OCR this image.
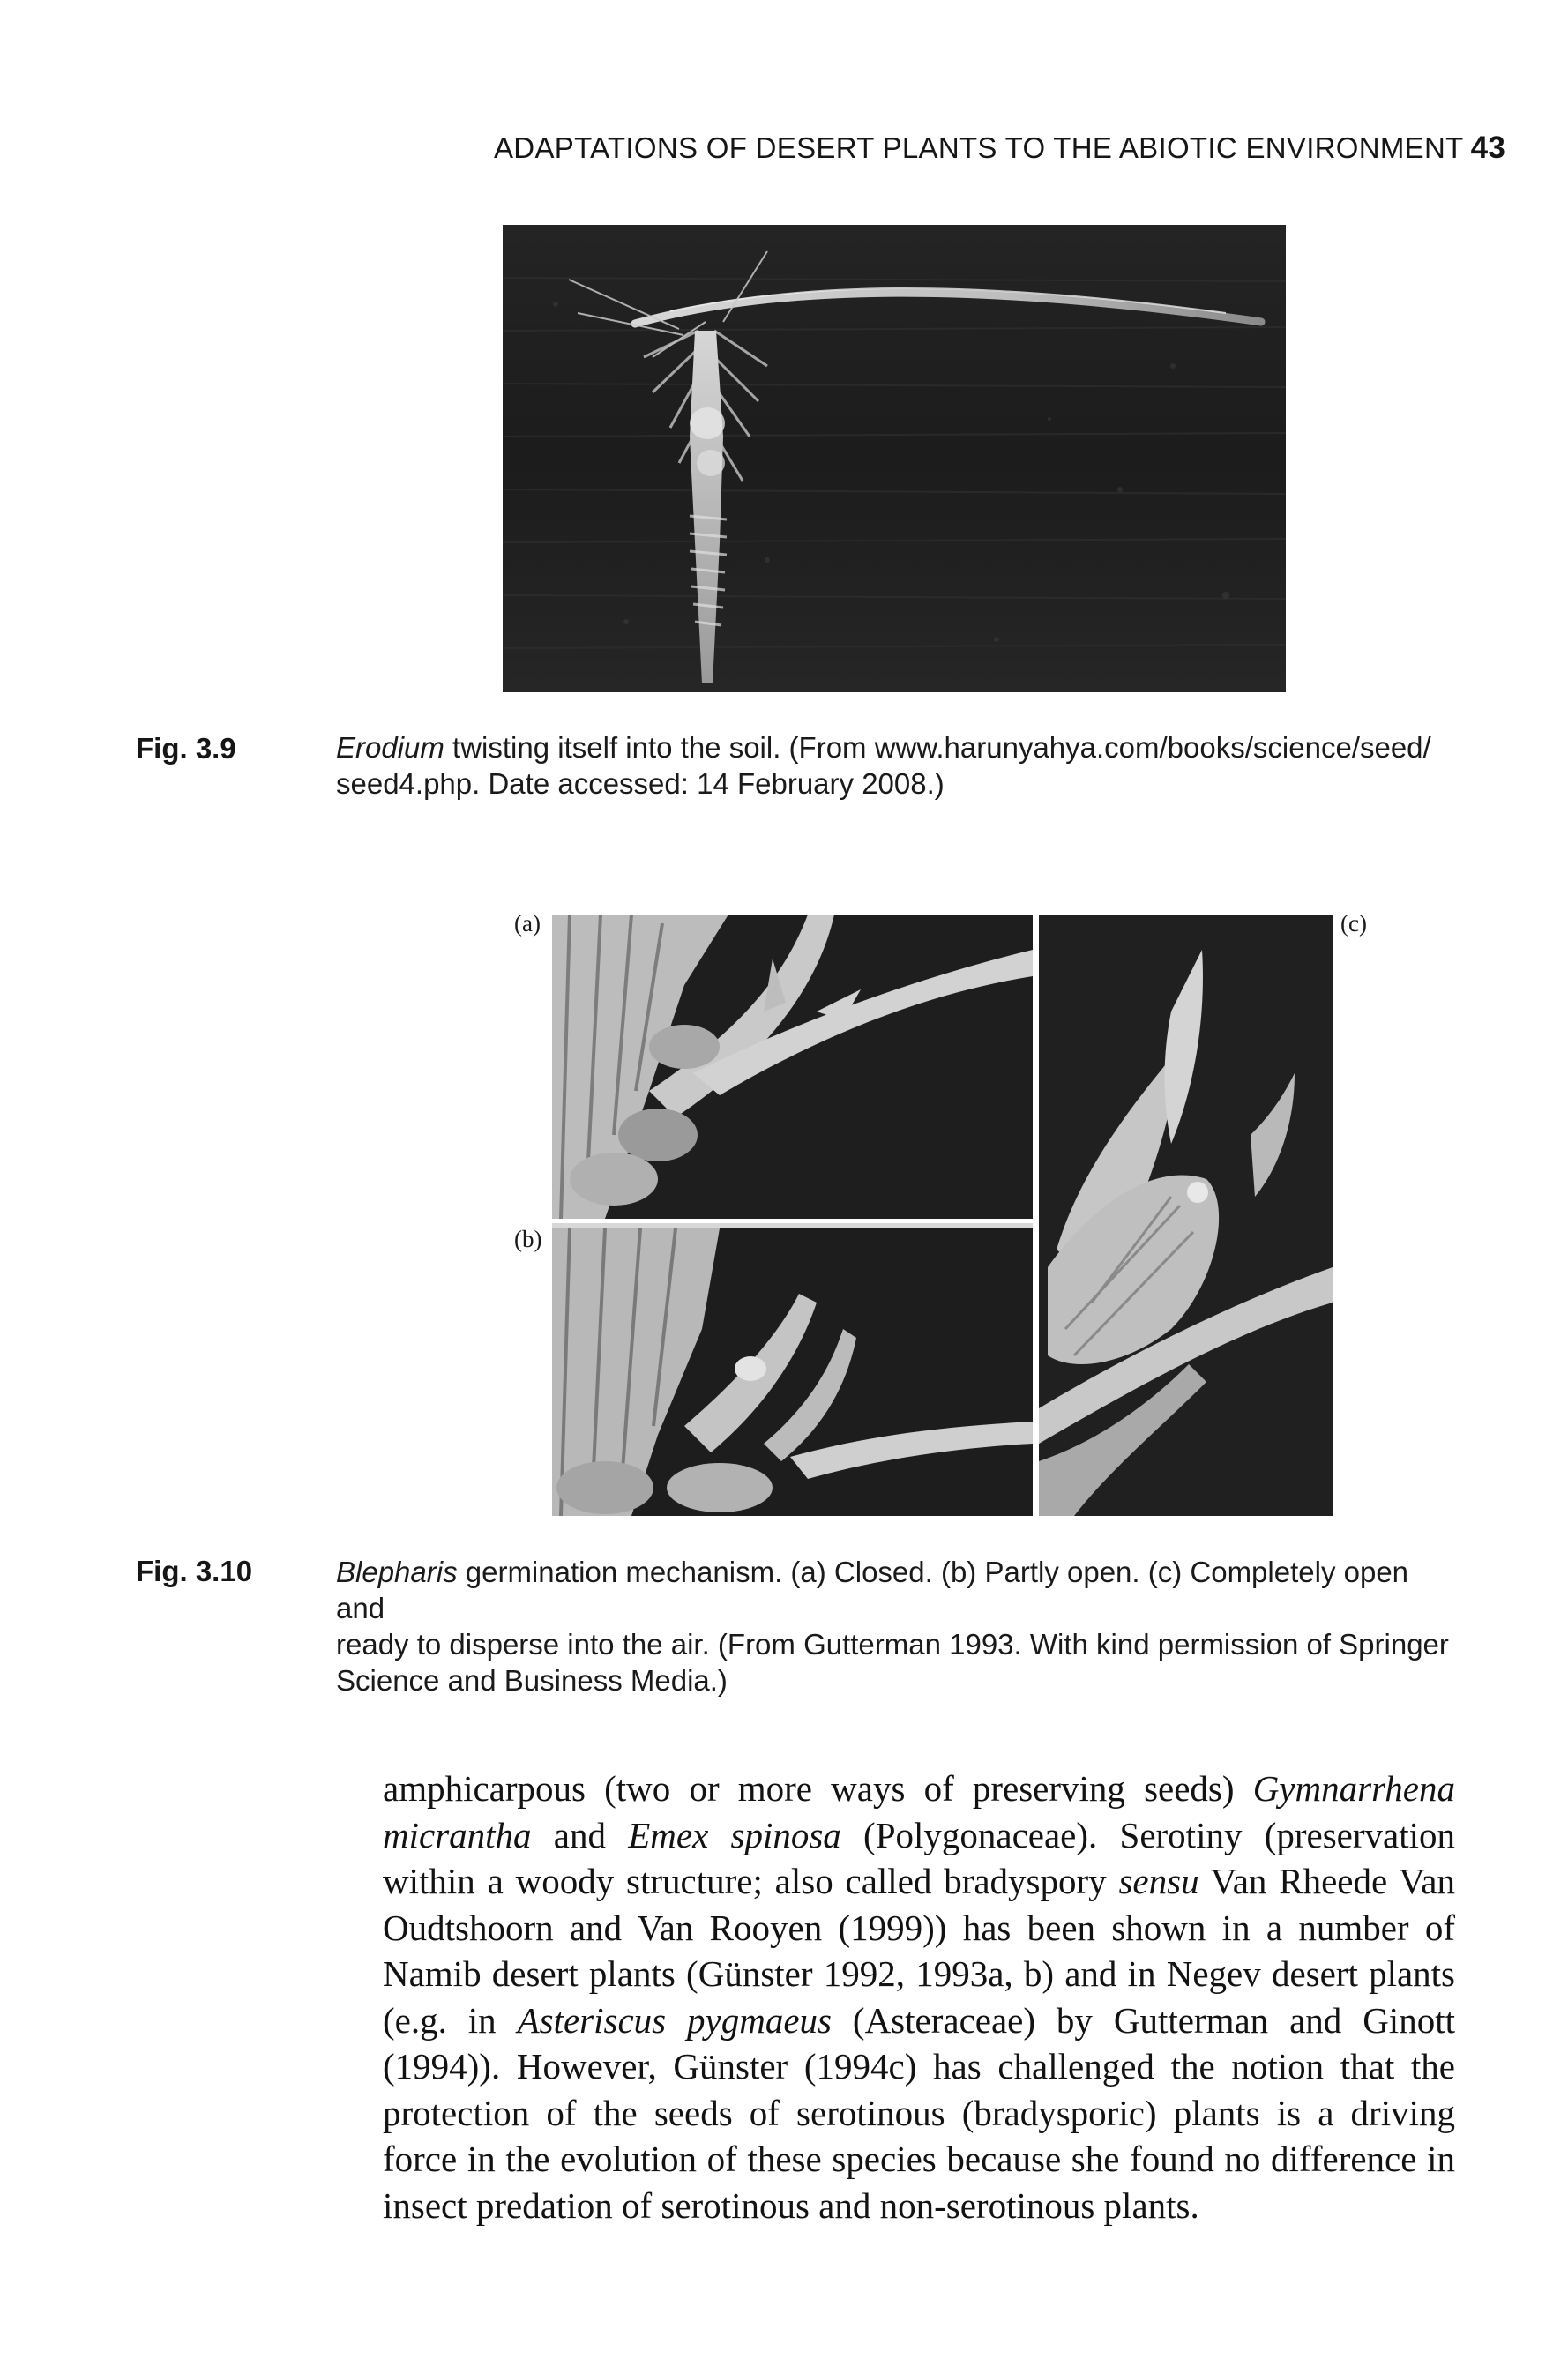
ADAPTATIONS OF DESERT PLANTS TO THE ABIOTIC ENVIRONMENT 43
Fig. 3.9	Erodium twisting itself into the soil. (From www.harunyahya.com/books/science/seed/
seed4.php. Date accessed: 14 February 2008.)
(a)
(b)
(c)
Fig. 3.10	Blepharis germination mechanism. (a) Closed. (b) Partly open. (c) Completely open and
ready to disperse into the air. (From Gutterman 1993. With kind permission of Springer
Science and Business Media.)

amphicarpous (two or more ways of preserving seeds) Gymnarrhena micrantha and Emex spinosa (Polygonaceae). Serotiny (preservation within a woody structure; also called bradyspory sensu Van Rheede Van Oudtshoorn and Van Rooyen (1999)) has been shown in a number of Namib desert plants (Günster 1992, 1993a, b) and in Negev desert plants (e.g. in Asteriscus pygmaeus (Asteraceae) by Gutterman and Ginott (1994)). However, Günster (1994c) has challenged the notion that the protection of the seeds of serotinous (bradysporic) plants is a driving force in the evolution of these species because she found no difference in insect predation of serotinous and non-serotinous plants.
